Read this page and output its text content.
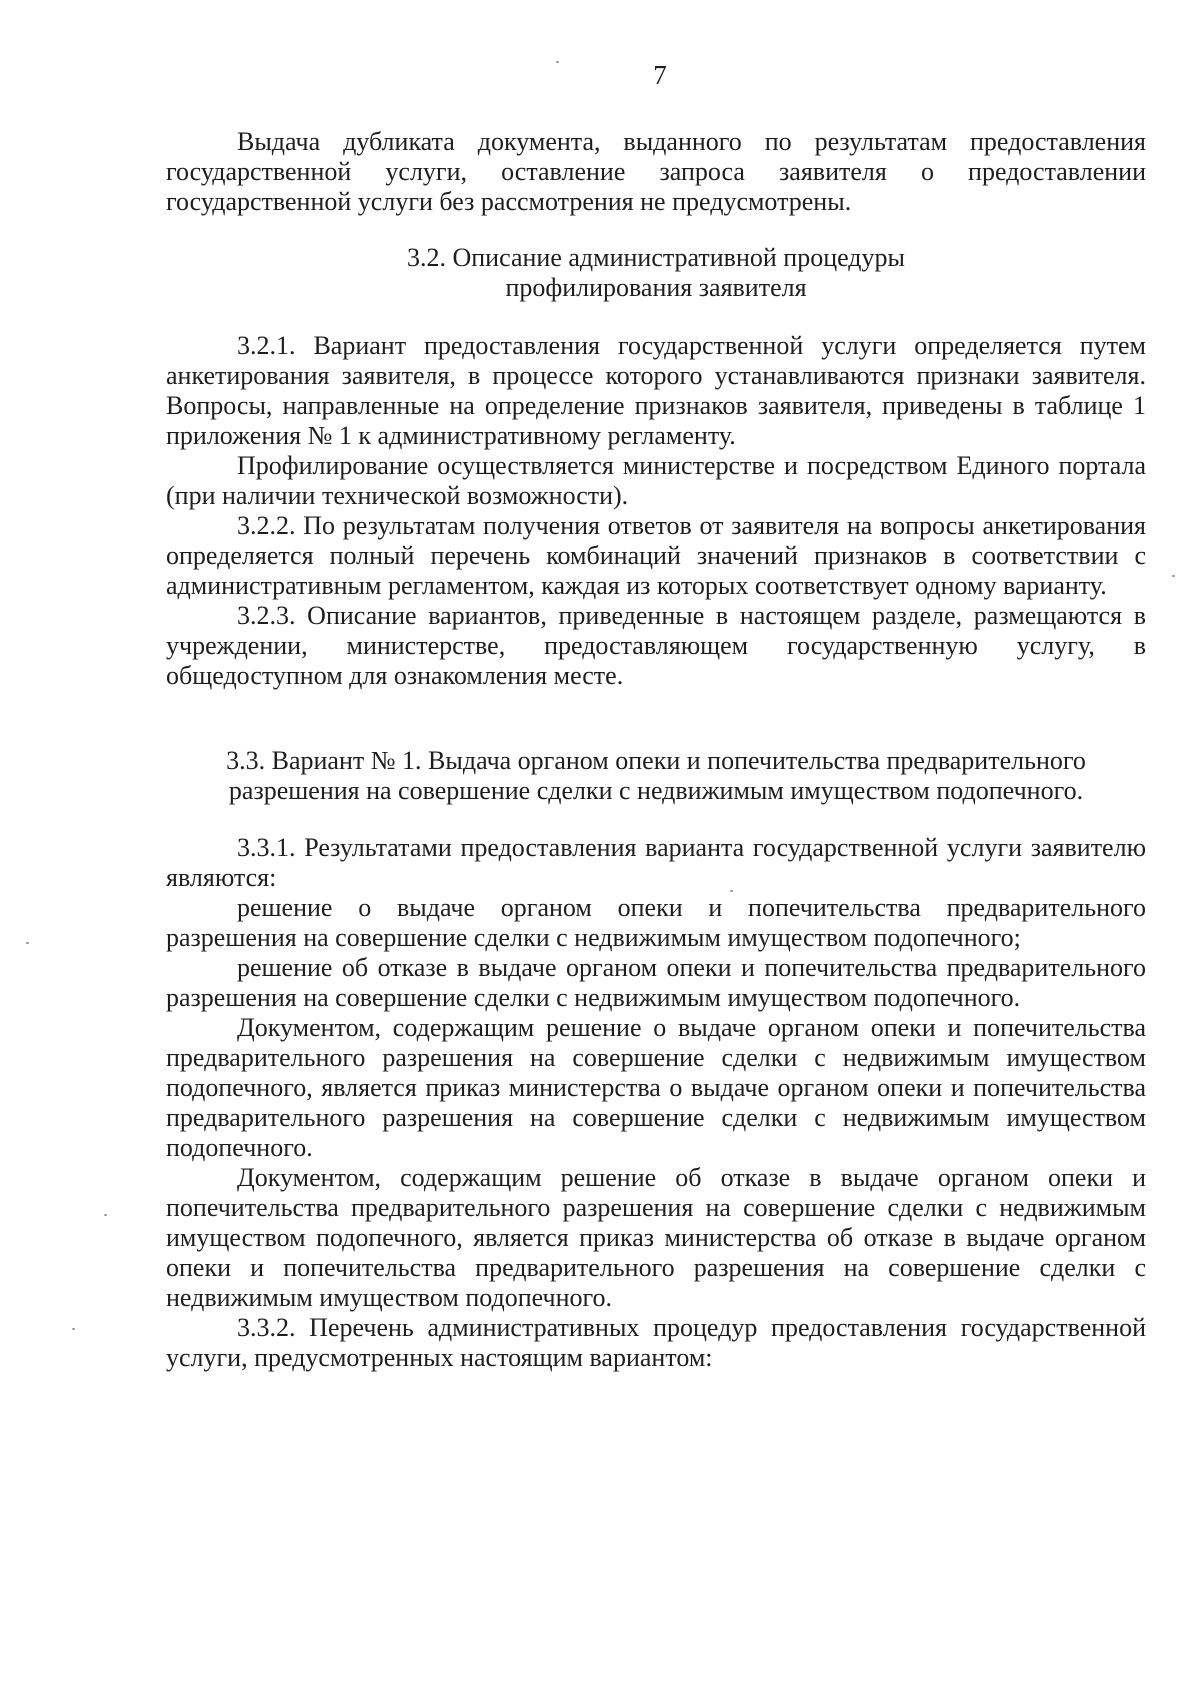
7

Выдача дубликата документа, выданного по результатам предоставления государственной услуги, оставление запроса заявителя о предоставлении государственной услуги без рассмотрения не предусмотрены.

3.2. Описание административной процедуры
профилирования заявителя

3.2.1. Вариант предоставления государственной услуги определяется путем анкетирования заявителя, в процессе которого устанавливаются признаки заявителя. Вопросы, направленные на определение признаков заявителя, приведены в таблице 1 приложения № 1 к административному регламенту.

Профилирование осуществляется министерстве и посредством Единого портала (при наличии технической возможности).

3.2.2. По результатам получения ответов от заявителя на вопросы анкетирования определяется полный перечень комбинаций значений признаков в соответствии с административным регламентом, каждая из которых соответствует одному варианту.

3.2.3. Описание вариантов, приведенные в настоящем разделе, размещаются в учреждении, министерстве, предоставляющем государственную услугу, в общедоступном для ознакомления месте.

3.3. Вариант № 1. Выдача органом опеки и попечительства предварительного
разрешения на совершение сделки с недвижимым имуществом подопечного.

3.3.1. Результатами предоставления варианта государственной услуги заявителю являются:

решение о выдаче органом опеки и попечительства предварительного разрешения на совершение сделки с недвижимым имуществом подопечного;

решение об отказе в выдаче органом опеки и попечительства предварительного разрешения на совершение сделки с недвижимым имуществом подопечного.

Документом, содержащим решение о выдаче органом опеки и попечительства предварительного разрешения на совершение сделки с недвижимым имуществом подопечного, является приказ министерства о выдаче органом опеки и попечительства предварительного разрешения на совершение сделки с недвижимым имуществом подопечного.

Документом, содержащим решение об отказе в выдаче органом опеки и попечительства предварительного разрешения на совершение сделки с недвижимым имуществом подопечного, является приказ министерства об отказе в выдаче органом опеки и попечительства предварительного разрешения на совершение сделки с недвижимым имуществом подопечного.

3.3.2. Перечень административных процедур предоставления государственной услуги, предусмотренных настоящим вариантом:
